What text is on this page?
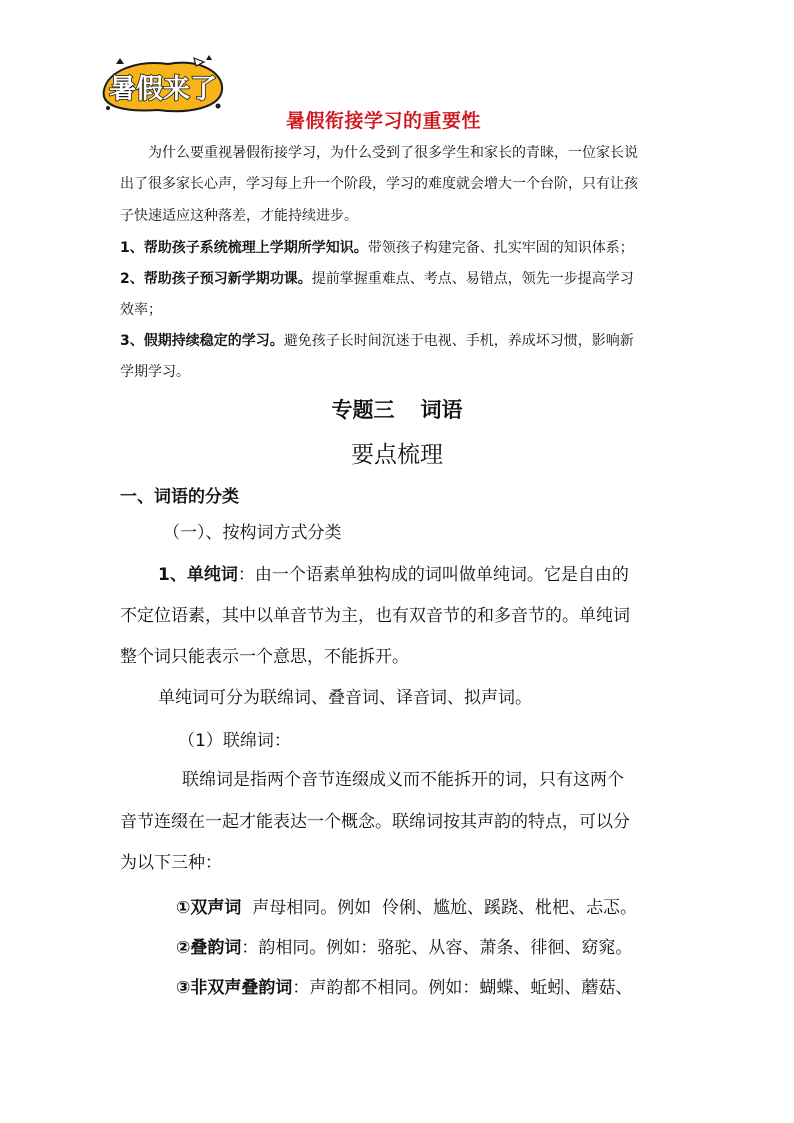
暑假来了
暑假衔接学习的重要性
为什么要重视暑假衔接学习，为什么受到了很多学生和家长的青睐，一位家长说
出了很多家长心声，学习每上升一个阶段，学习的难度就会增大一个台阶，只有让孩
子快速适应这种落差，才能持续进步。
1、帮助孩子系统梳理上学期所学知识。带领孩子构建完备、扎实牢固的知识体系；
2、帮助孩子预习新学期功课。提前掌握重难点、考点、易错点，领先一步提高学习
效率；
3、假期持续稳定的学习。避免孩子长时间沉迷于电视、手机，养成坏习惯，影响新
学期学习。
专题三 词语
要点梳理
一、词语的分类
（一）、按构词方式分类
1、单纯词：由一个语素单独构成的词叫做单纯词。它是自由的
不定位语素，其中以单音节为主，也有双音节的和多音节的。单纯词
整个词只能表示一个意思，不能拆开。
单纯词可分为联绵词、叠音词、译音词、拟声词。
（1）联绵词：
联绵词是指两个音节连缀成义而不能拆开的词，只有这两个
音节连缀在一起才能表达一个概念。联绵词按其声韵的特点，可以分
为以下三种：
①双声词  声母相同。例如  伶俐、尴尬、蹊跷、枇杷、忐忑。
②叠韵词：韵相同。例如：骆驼、从容、萧条、徘徊、窈窕。
③非双声叠韵词：声韵都不相同。例如：蝴蝶、蚯蚓、蘑菇、
